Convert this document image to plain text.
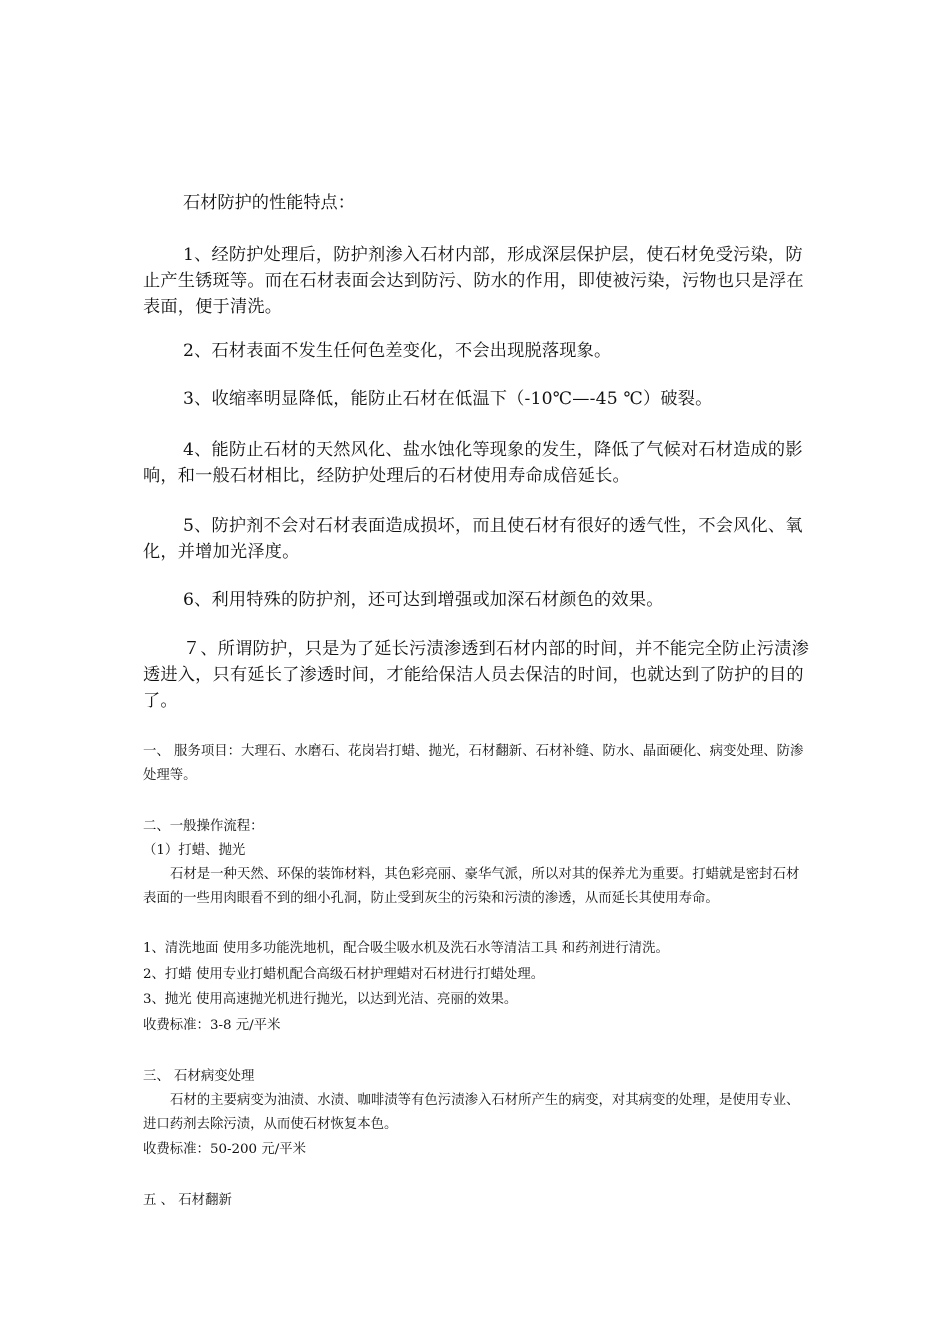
石材防护的性能特点：

1、经防护处理后，防护剂渗入石材内部，形成深层保护层，使石材免受污染，防止产生锈斑等。而在石材表面会达到防污、防水的作用，即使被污染，污物也只是浮在表面，便于清洗。

2、石材表面不发生任何色差变化，不会出现脱落现象。

3、收缩率明显降低，能防止石材在低温下（-10℃—-45 ℃）破裂。

4、能防止石材的天然风化、盐水蚀化等现象的发生，降低了气候对石材造成的影响，和一般石材相比，经防护处理后的石材使用寿命成倍延长。

5、防护剂不会对石材表面造成损坏，而且使石材有很好的透气性，不会风化、氧化，并增加光泽度。

6、利用特殊的防护剂，还可达到增强或加深石材颜色的效果。

７、所谓防护，只是为了延长污渍渗透到石材内部的时间，并不能完全防止污渍渗透进入，只有延长了渗透时间，才能给保洁人员去保洁的时间，也就达到了防护的目的了。

一、 服务项目：大理石、水磨石、花岗岩打蜡、抛光，石材翻新、石材补缝、防水、晶面硬化、病变处理、防渗处理等。

二、一般操作流程：

（1）打蜡、抛光

石材是一种天然、环保的装饰材料，其色彩亮丽、豪华气派，所以对其的保养尤为重要。打蜡就是密封石材表面的一些用肉眼看不到的细小孔洞，防止受到灰尘的污染和污渍的渗透，从而延长其使用寿命。

1、清洗地面 使用多功能洗地机，配合吸尘吸水机及洗石水等清洁工具 和药剂进行清洗。

2、打蜡 使用专业打蜡机配合高级石材护理蜡对石材进行打蜡处理。

3、抛光 使用高速抛光机进行抛光，以达到光洁、亮丽的效果。

收费标准：3-8 元/平米

三、 石材病变处理

石材的主要病变为油渍、水渍、咖啡渍等有色污渍渗入石材所产生的病变，对其病变的处理，是使用专业、进口药剂去除污渍，从而使石材恢复本色。

收费标准：50-200 元/平米

五 、 石材翻新
